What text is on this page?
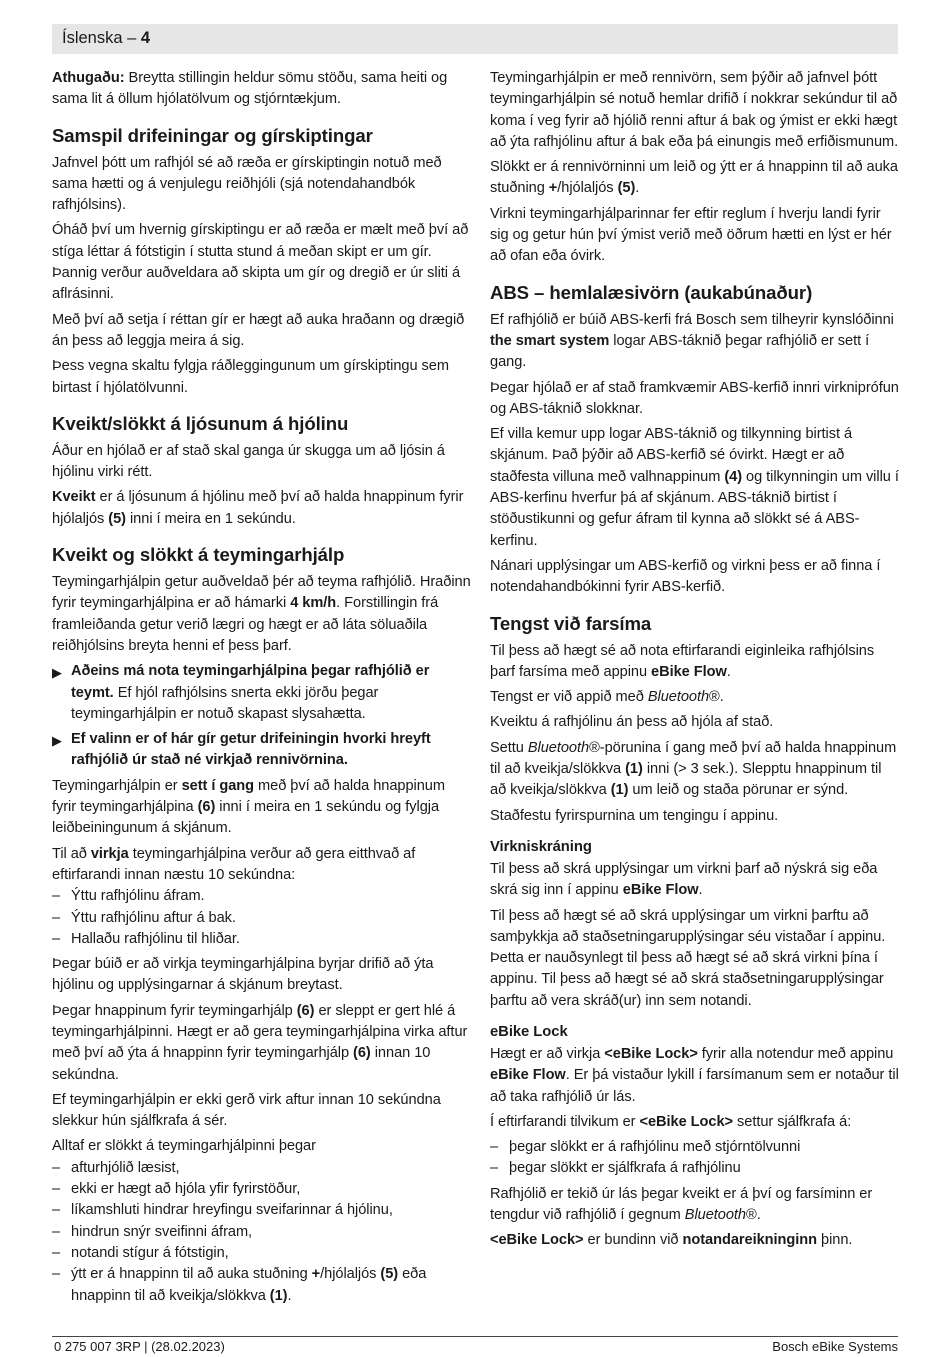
Íslenska – 4

Athugaðu: Breytta stillingin heldur sömu stöðu, sama heiti og sama lit á öllum hjólatölvum og stjórntækjum.

Samspil drifeiningar og gírskiptingar

Jafnvel þótt um rafhjól sé að ræða er gírskiptingin notuð með sama hætti og á venjulegu reiðhjóli (sjá notendahandbók rafhjólsins).

Óháð því um hvernig gírskiptingu er að ræða er mælt með því að stíga léttar á fótstigin í stutta stund á meðan skipt er um gír. Þannig verður auðveldara að skipta um gír og dregið er úr sliti á aflrásinni.

Með því að setja í réttan gír er hægt að auka hraðann og drægið án þess að leggja meira á sig.

Þess vegna skaltu fylgja ráðleggingunum um gírskiptingu sem birtast í hjólatölvunni.

Kveikt/slökkt á ljósunum á hjólinu

Áður en hjólað er af stað skal ganga úr skugga um að ljósin á hjólinu virki rétt.

Kveikt er á ljósunum á hjólinu með því að halda hnappinum fyrir hjólaljós (5) inni í meira en 1 sekúndu.

Kveikt og slökkt á teymingarhjálp

Teymingarhjálpin getur auðveldað þér að teyma rafhjólið. Hraðinn fyrir teymingarhjálpina er að hámarki 4 km/h. Forstillingin frá framleiðanda getur verið lægri og hægt er að láta söluaðila reiðhjólsins breyta henni ef þess þarf.

▶ Aðeins má nota teymingarhjálpina þegar rafhjólið er teymt. Ef hjól rafhjólsins snerta ekki jörðu þegar teymingarhjálpin er notuð skapast slysahætta.
▶ Ef valinn er of hár gír getur drifeiningin hvorki hreyft rafhjólið úr stað né virkjað rennivörnina.

Teymingarhjálpin er sett í gang með því að halda hnappinum fyrir teymingarhjálpina (6) inni í meira en 1 sekúndu og fylgja leiðbeiningunum á skjánum.

Til að virkja teymingarhjálpina verður að gera eitthvað af eftirfarandi innan næstu 10 sekúndna:

– Ýttu rafhjólinu áfram.
– Ýttu rafhjólinu aftur á bak.
– Hallaðu rafhjólinu til hliðar.

Þegar búið er að virkja teymingarhjálpina byrjar drifið að ýta hjólinu og upplýsingarnar á skjánum breytast.

Þegar hnappinum fyrir teymingarhjálp (6) er sleppt er gert hlé á teymingarhjálpinni. Hægt er að gera teymingarhjálpina virka aftur með því að ýta á hnappinn fyrir teymingarhjálp (6) innan 10 sekúndna.

Ef teymingarhjálpin er ekki gerð virk aftur innan 10 sekúndna slekkur hún sjálfkrafa á sér.

Alltaf er slökkt á teymingarhjálpinni þegar

– afturhjólið læsist,
– ekki er hægt að hjóla yfir fyrirstöður,
– líkamshluti hindrar hreyfingu sveifarinnar á hjólinu,
– hindrun snýr sveifinni áfram,
– notandi stígur á fótstigin,
– ýtt er á hnappinn til að auka stuðning +/hjólaljós (5) eða hnappinn til að kveikja/slökkva (1).

Teymingarhjálpin er með rennivörn, sem þýðir að jafnvel þótt teymingarhjálpin sé notuð hemlar drifið í nokkrar sekúndur til að koma í veg fyrir að hjólið renni aftur á bak og ýmist er ekki hægt að ýta rafhjólinu aftur á bak eða þá einungis með erfiðismunum.

Slökkt er á rennivörninni um leið og ýtt er á hnappinn til að auka stuðning +/hjólaljós (5).

Virkni teymingarhjálparinnar fer eftir reglum í hverju landi fyrir sig og getur hún því ýmist verið með öðrum hætti en lýst er hér að ofan eða óvirk.

ABS – hemlalæsivörn (aukabúnaður)

Ef rafhjólið er búið ABS-kerfi frá Bosch sem tilheyrir kynslóðinni the smart system logar ABS-táknið þegar rafhjólið er sett í gang.

Þegar hjólað er af stað framkvæmir ABS-kerfið innri virkniprófun og ABS-táknið slokknar.

Ef villa kemur upp logar ABS-táknið og tilkynning birtist á skjánum. Það þýðir að ABS-kerfið sé óvirkt. Hægt er að staðfesta villuna með valhnappinum (4) og tilkynningin um villu í ABS-kerfinu hverfur þá af skjánum. ABS-táknið birtist í stöðustikunni og gefur áfram til kynna að slökkt sé á ABS-kerfinu.

Nánari upplýsingar um ABS-kerfið og virkni þess er að finna í notendahandbókinni fyrir ABS-kerfið.

Tengst við farsíma

Til þess að hægt sé að nota eftirfarandi eiginleika rafhjólsins þarf farsíma með appinu eBike Flow.

Tengst er við appið með Bluetooth®.

Kveiktu á rafhjólinu án þess að hjóla af stað.

Settu Bluetooth®-pörunina í gang með því að halda hnappinum til að kveikja/slökkva (1) inni (> 3 sek.). Slepptu hnappinum til að kveikja/slökkva (1) um leið og staða pörunar er sýnd.

Staðfestu fyrirspurnina um tengingu í appinu.

Virkniskráning

Til þess að skrá upplýsingar um virkni þarf að nýskrá sig eða skrá sig inn í appinu eBike Flow.

Til þess að hægt sé að skrá upplýsingar um virkni þarftu að samþykkja að staðsetningarupplýsingar séu vistaðar í appinu. Þetta er nauðsynlegt til þess að hægt sé að skrá virkni þína í appinu. Til þess að hægt sé að skrá staðsetningarupplýsingar þarftu að vera skráð(ur) inn sem notandi.

eBike Lock

Hægt er að virkja <eBike Lock> fyrir alla notendur með appinu eBike Flow. Er þá vistaður lykill í farsímanum sem er notaður til að taka rafhjólið úr lás.

Í eftirfarandi tilvikum er <eBike Lock> settur sjálfkrafa á:

– þegar slökkt er á rafhjólinu með stjórntölvunni
– þegar slökkt er sjálfkrafa á rafhjólinu

Rafhjólið er tekið úr lás þegar kveikt er á því og farsíminn er tengdur við rafhjólið í gegnum Bluetooth®.

<eBike Lock> er bundinn við notandareikninginn þinn.

0 275 007 3RP | (28.02.2023)	Bosch eBike Systems
